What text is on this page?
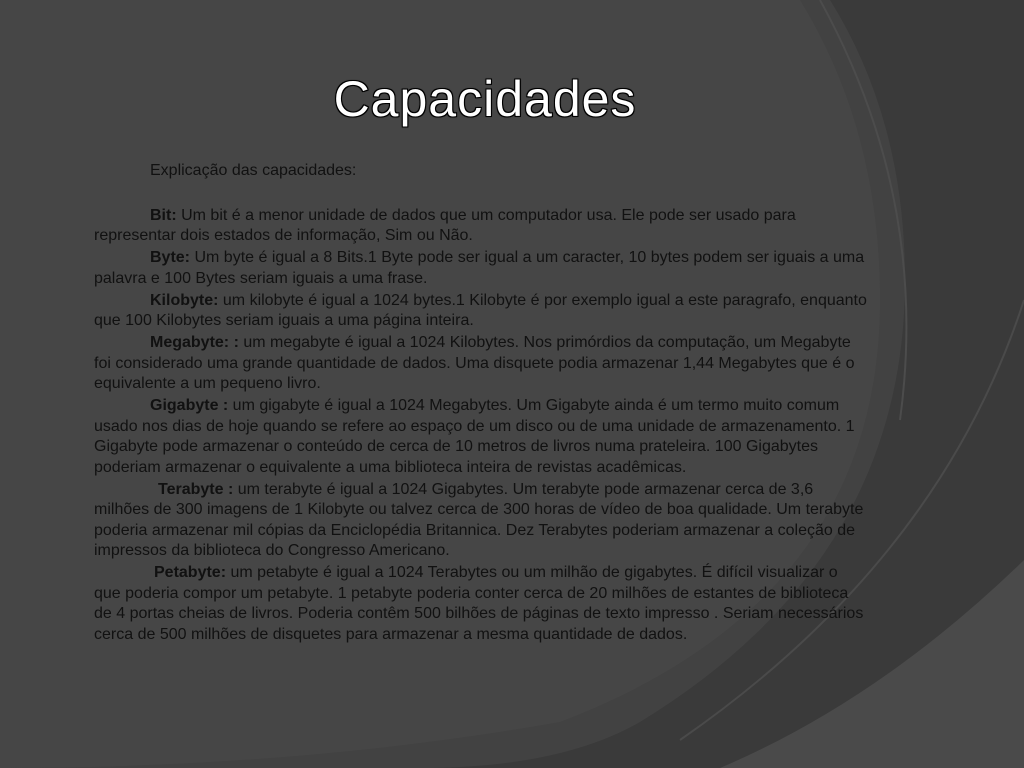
Capacidades

Explicação das capacidades:

Bit: Um bit é a menor unidade de dados que um computador usa. Ele pode ser usado para representar dois estados de informação, Sim ou Não.

Byte: Um byte é igual a 8 Bits.1 Byte pode ser igual a um caracter, 10 bytes podem ser iguais a uma palavra e 100 Bytes seriam iguais a uma frase.

Kilobyte: um kilobyte é igual a 1024 bytes.1 Kilobyte é por exemplo igual a este paragrafo, enquanto que 100 Kilobytes seriam iguais a uma página inteira.

Megabyte: : um megabyte é igual a 1024 Kilobytes. Nos primórdios da computação, um Megabyte foi considerado uma grande quantidade de dados. Uma disquete podia armazenar 1,44 Megabytes que é o equivalente a um pequeno livro.

Gigabyte : um gigabyte é igual a 1024 Megabytes. Um Gigabyte ainda é um termo muito comum usado nos dias de hoje quando se refere ao espaço de um disco ou de uma unidade de armazenamento. 1 Gigabyte pode armazenar o conteúdo de cerca de 10 metros de livros numa prateleira. 100 Gigabytes poderiam armazenar o equivalente a uma biblioteca inteira de revistas acadêmicas.

Terabyte : um terabyte é igual a 1024 Gigabytes. Um terabyte pode armazenar cerca de 3,6 milhões de 300 imagens de 1 Kilobyte ou talvez cerca de 300 horas de vídeo de boa qualidade. Um terabyte poderia armazenar mil cópias da Enciclopédia Britannica. Dez Terabytes poderiam armazenar a coleção de impressos da biblioteca do Congresso Americano.

Petabyte: um petabyte é igual a 1024 Terabytes ou um milhão de gigabytes. É difícil visualizar o que poderia compor um petabyte. 1 petabyte poderia conter cerca de 20 milhões de estantes de biblioteca de 4 portas cheias de livros. Poderia contêm 500 bilhões de páginas de texto impresso . Seriam necessários cerca de 500 milhões de disquetes para armazenar a mesma quantidade de dados.
